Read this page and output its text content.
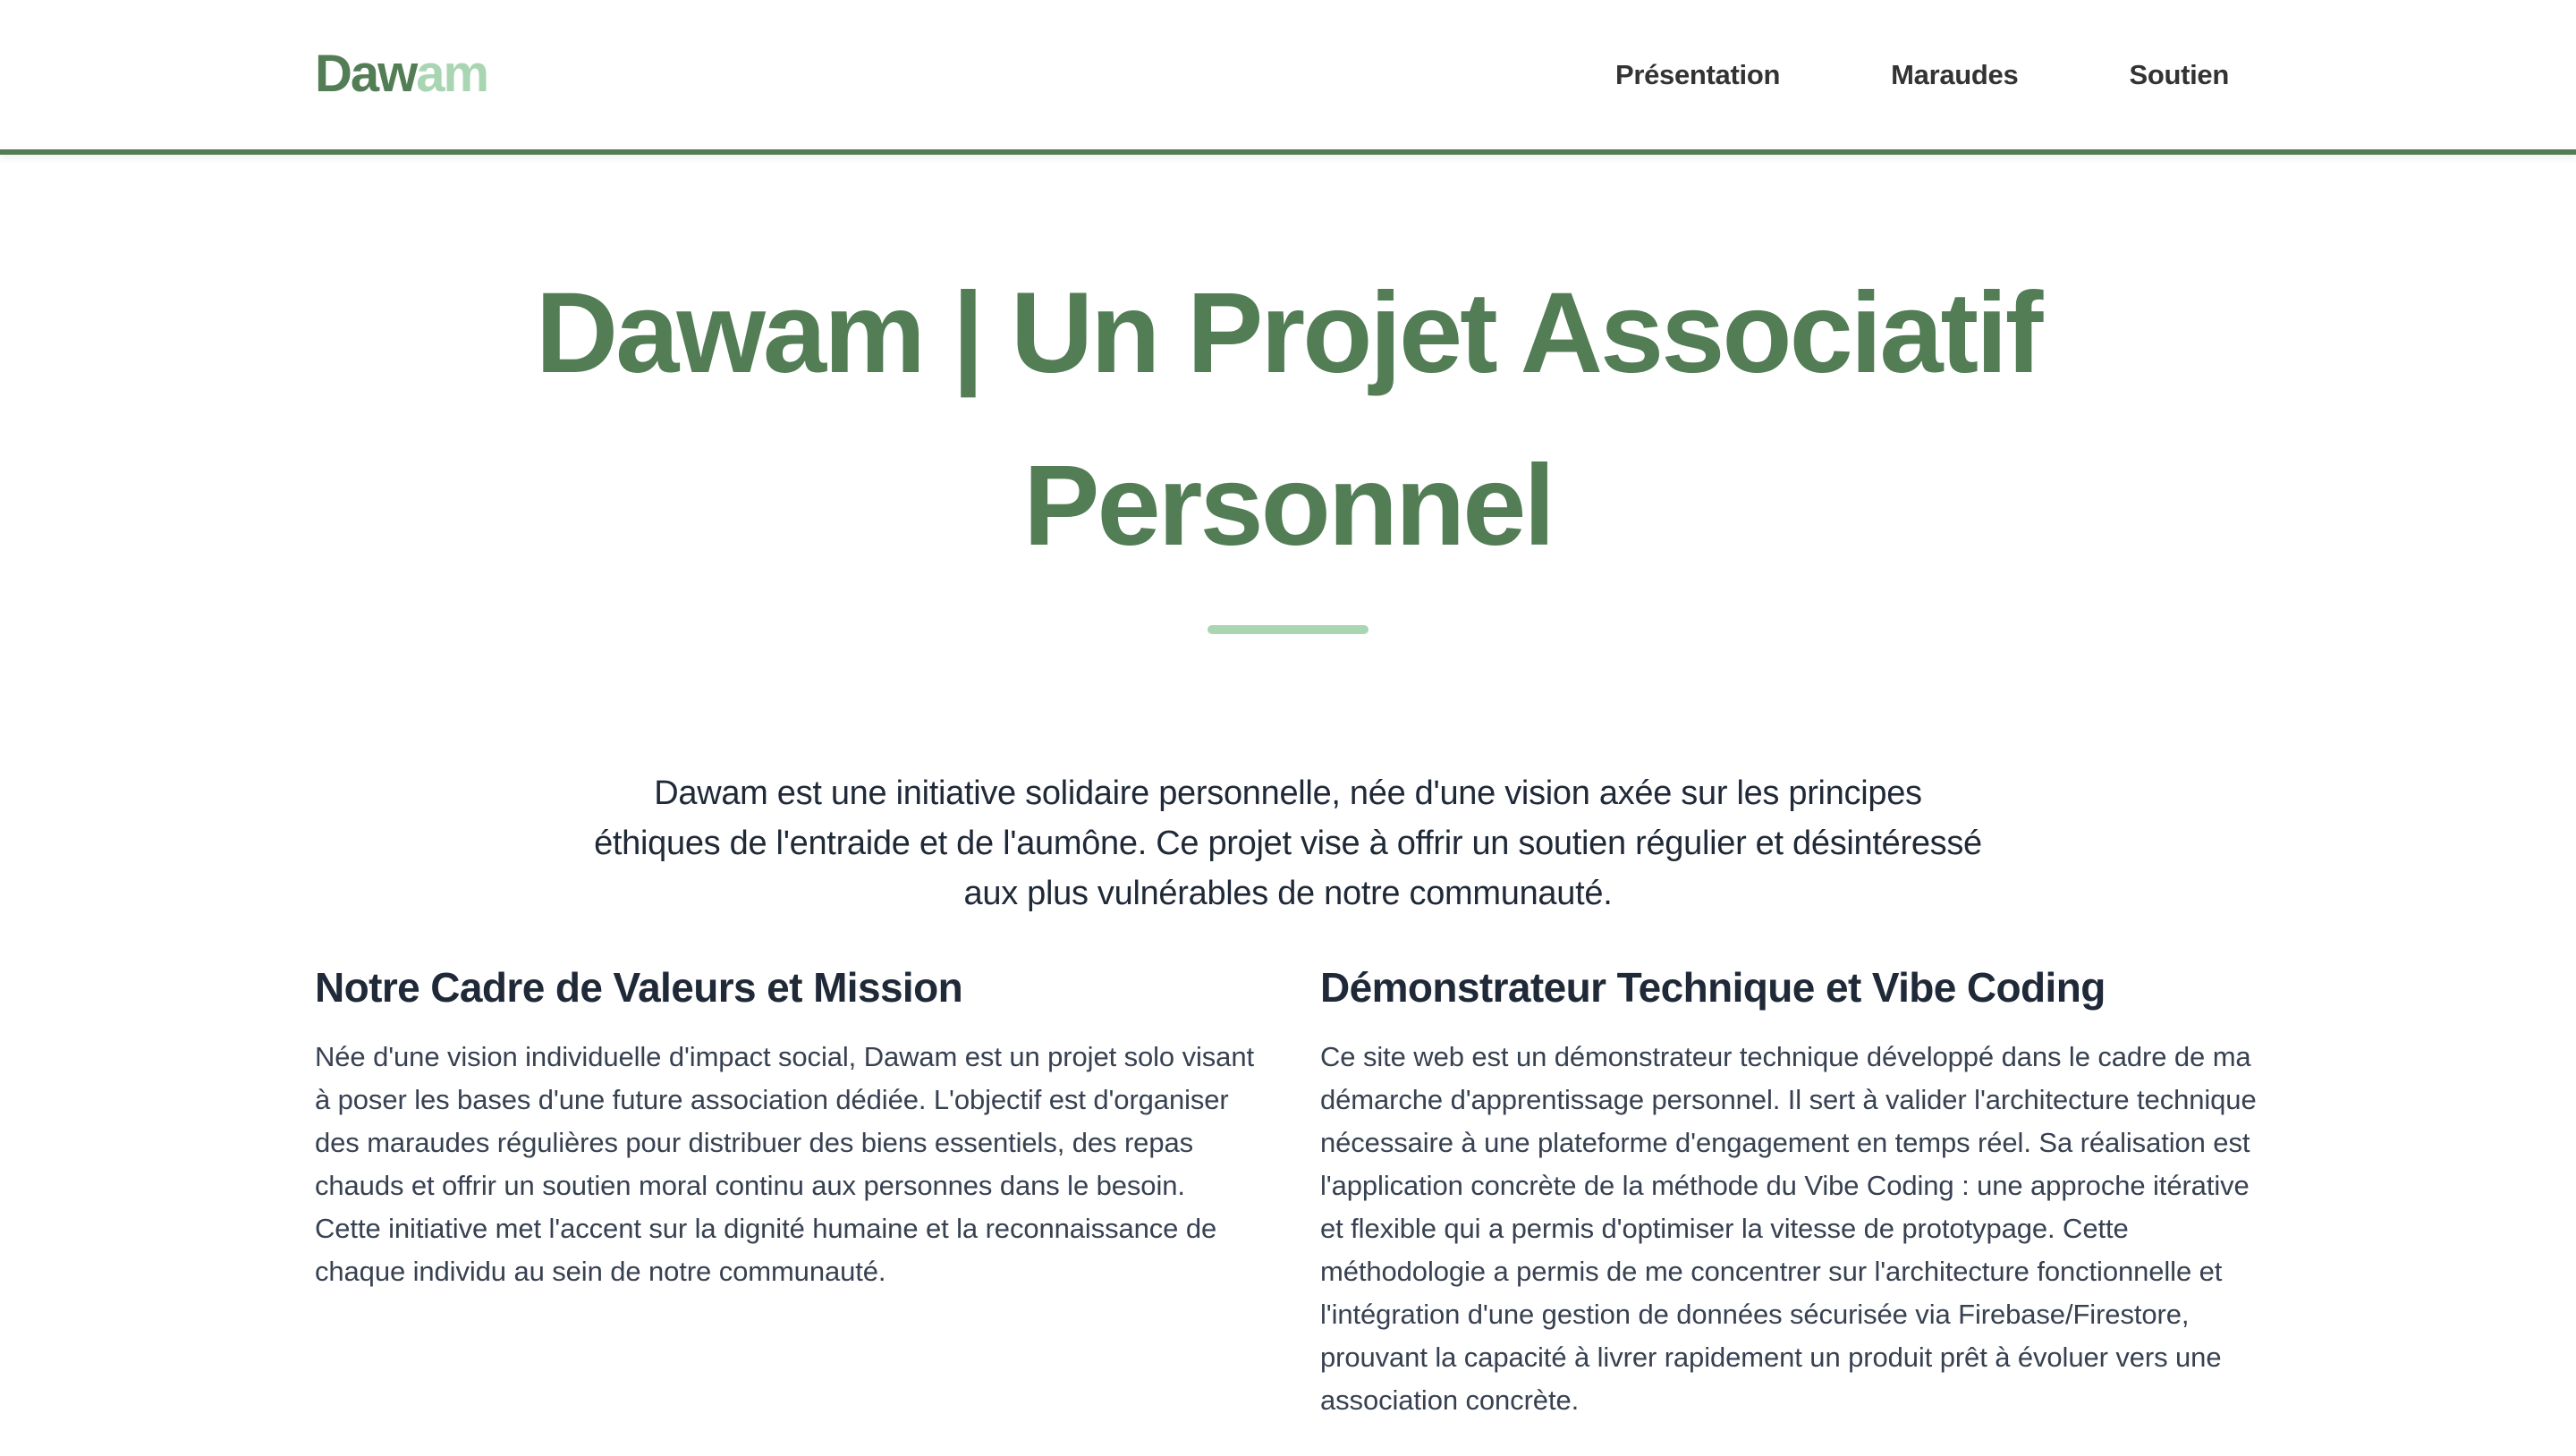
Dawam	Présentation	Maraudes	Soutien
Dawam | Un Projet Associatif Personnel

Dawam est une initiative solidaire personnelle, née d'une vision axée sur les principes éthiques de l'entraide et de l'aumône. Ce projet vise à offrir un soutien régulier et désintéressé aux plus vulnérables de notre communauté.

Notre Cadre de Valeurs et Mission

Née d'une vision individuelle d'impact social, Dawam est un projet solo visant à poser les bases d'une future association dédiée. L'objectif est d'organiser des maraudes régulières pour distribuer des biens essentiels, des repas chauds et offrir un soutien moral continu aux personnes dans le besoin. Cette initiative met l'accent sur la dignité humaine et la reconnaissance de chaque individu au sein de notre communauté.

Démonstrateur Technique et Vibe Coding

Ce site web est un démonstrateur technique développé dans le cadre de ma démarche d'apprentissage personnel. Il sert à valider l'architecture technique nécessaire à une plateforme d'engagement en temps réel. Sa réalisation est l'application concrète de la méthode du Vibe Coding : une approche itérative et flexible qui a permis d'optimiser la vitesse de prototypage. Cette méthodologie a permis de me concentrer sur l'architecture fonctionnelle et l'intégration d'une gestion de données sécurisée via Firebase/Firestore, prouvant la capacité à livrer rapidement un produit prêt à évoluer vers une association concrète.
